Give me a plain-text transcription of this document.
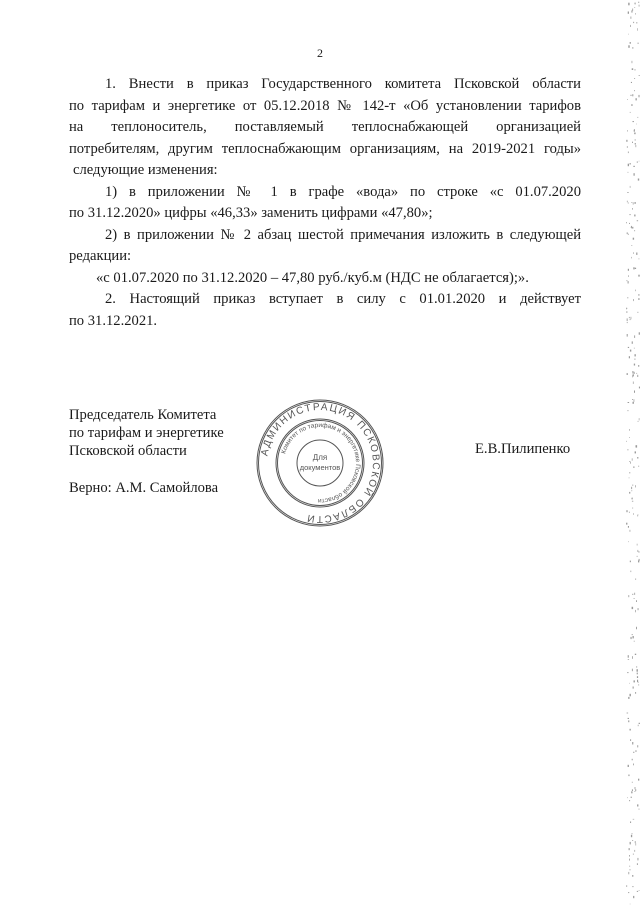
2

1. Внести в приказ Государственного комитета Псковской области

по тарифам и энергетике от 05.12.2018 № 142-т «Об установлении тарифов

на теплоноситель, поставляемый теплоснабжающей организацией

потребителям, другим теплоснабжающим организациям, на 2019-2021 годы»

следующие изменения:

1) в приложении № 1 в графе «вода» по строке «с 01.07.2020

по 31.12.2020» цифры «46,33» заменить цифрами «47,80»;

2) в приложении № 2 абзац шестой примечания изложить в следующей

редакции:

«с 01.07.2020 по 31.12.2020 – 47,80 руб./куб.м (НДС не облагается);».

2. Настоящий приказ вступает в силу с 01.01.2020 и действует

по 31.12.2021.

Председатель Комитета
по тарифам и энергетике
Псковской области
Верно: А.М. Самойлова
Е.В.Пилипенко
АДМИНИСТРАЦИЯ ПСКОВСКОЙ ОБЛАСТИ
Комитет по тарифам и энергетике Псковской области
Для
документов
